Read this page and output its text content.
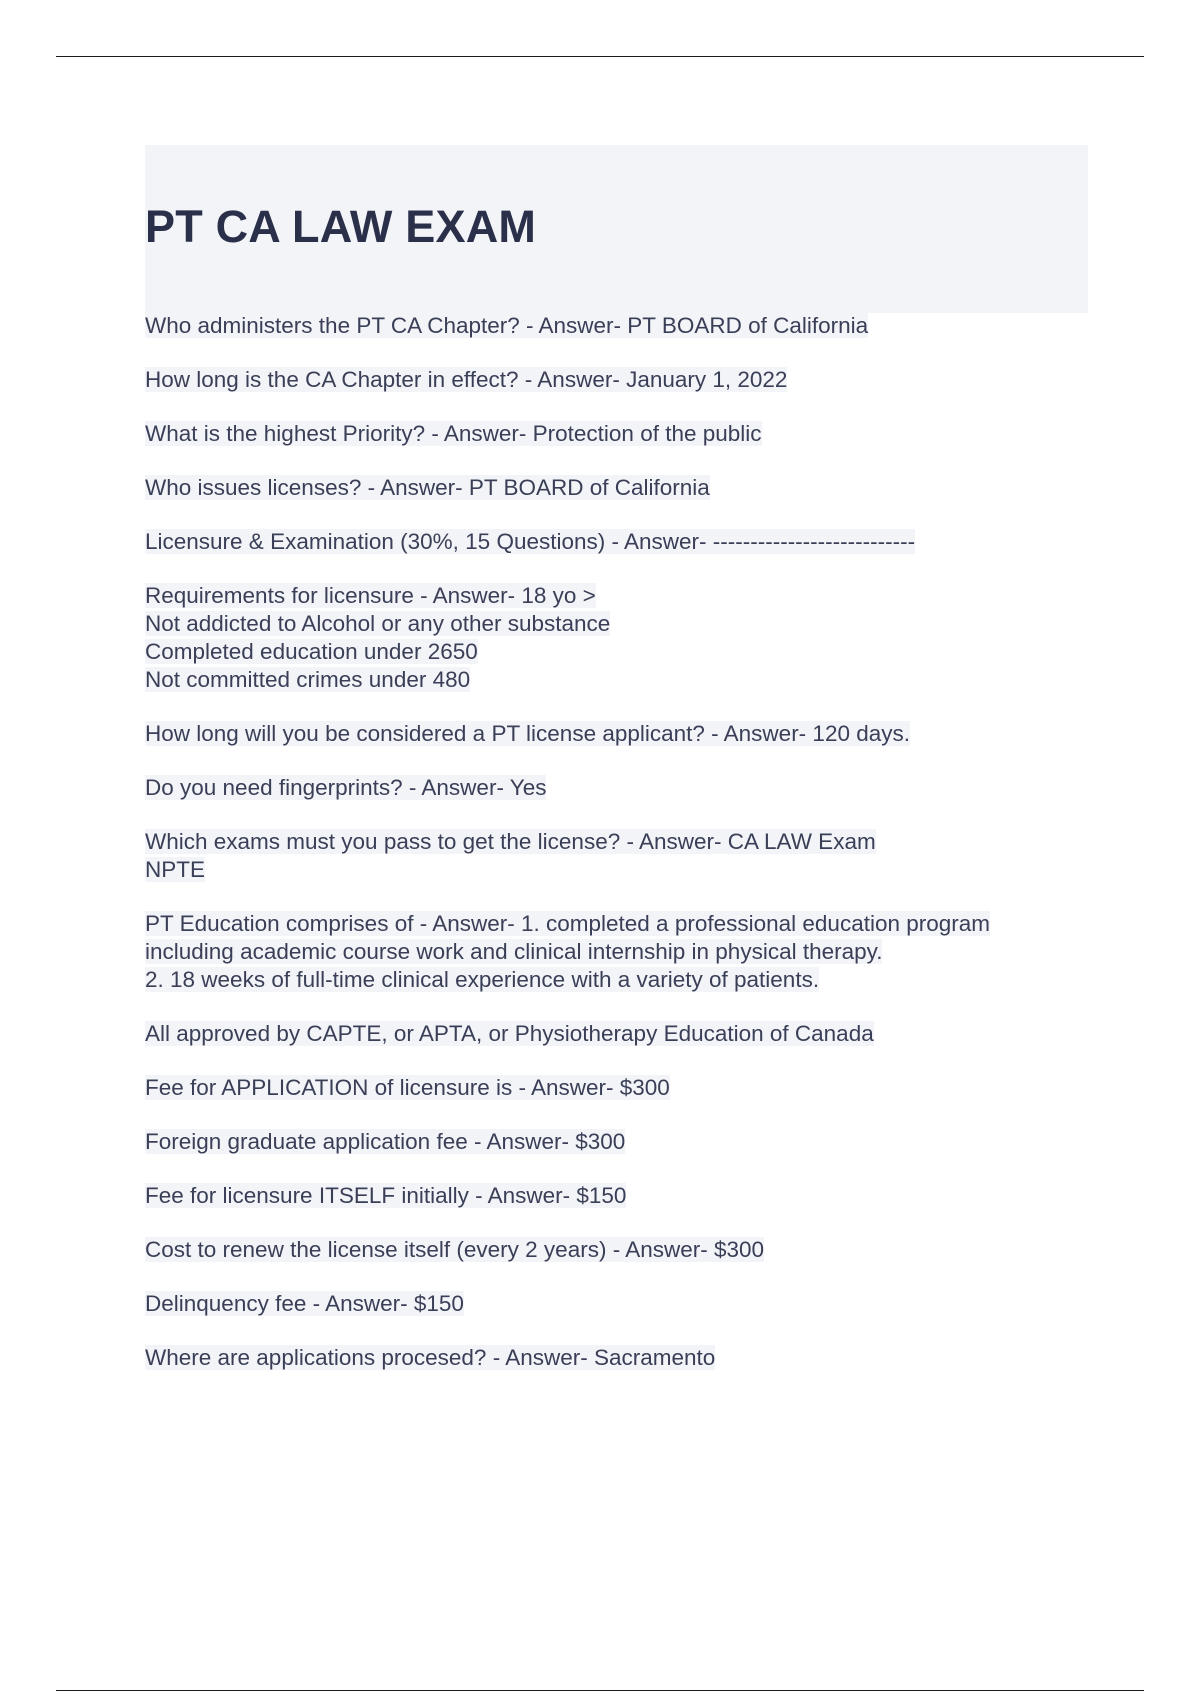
PT CA LAW EXAM

Who administers the PT CA Chapter? - Answer- PT BOARD of California

How long is the CA Chapter in effect? - Answer- January 1, 2022

What is the highest Priority? - Answer- Protection of the public

Who issues licenses? - Answer- PT BOARD of California

Licensure & Examination (30%, 15 Questions) - Answer- ---------------------------

Requirements for licensure - Answer- 18 yo >
Not addicted to Alcohol or any other substance
Completed education under 2650
Not committed crimes under 480

How long will you be considered a PT license applicant? - Answer- 120 days.

Do you need fingerprints? - Answer- Yes

Which exams must you pass to get the license? - Answer- CA LAW Exam
NPTE

PT Education comprises of - Answer- 1. completed a professional education program
including academic course work and clinical internship in physical therapy.
2. 18 weeks of full-time clinical experience with a variety of patients.

All approved by CAPTE, or APTA, or Physiotherapy Education of Canada

Fee for APPLICATION of licensure is - Answer- $300

Foreign graduate application fee - Answer- $300

Fee for licensure ITSELF initially - Answer- $150

Cost to renew the license itself (every 2 years) - Answer- $300

Delinquency fee - Answer- $150

Where are applications procesed? - Answer- Sacramento
